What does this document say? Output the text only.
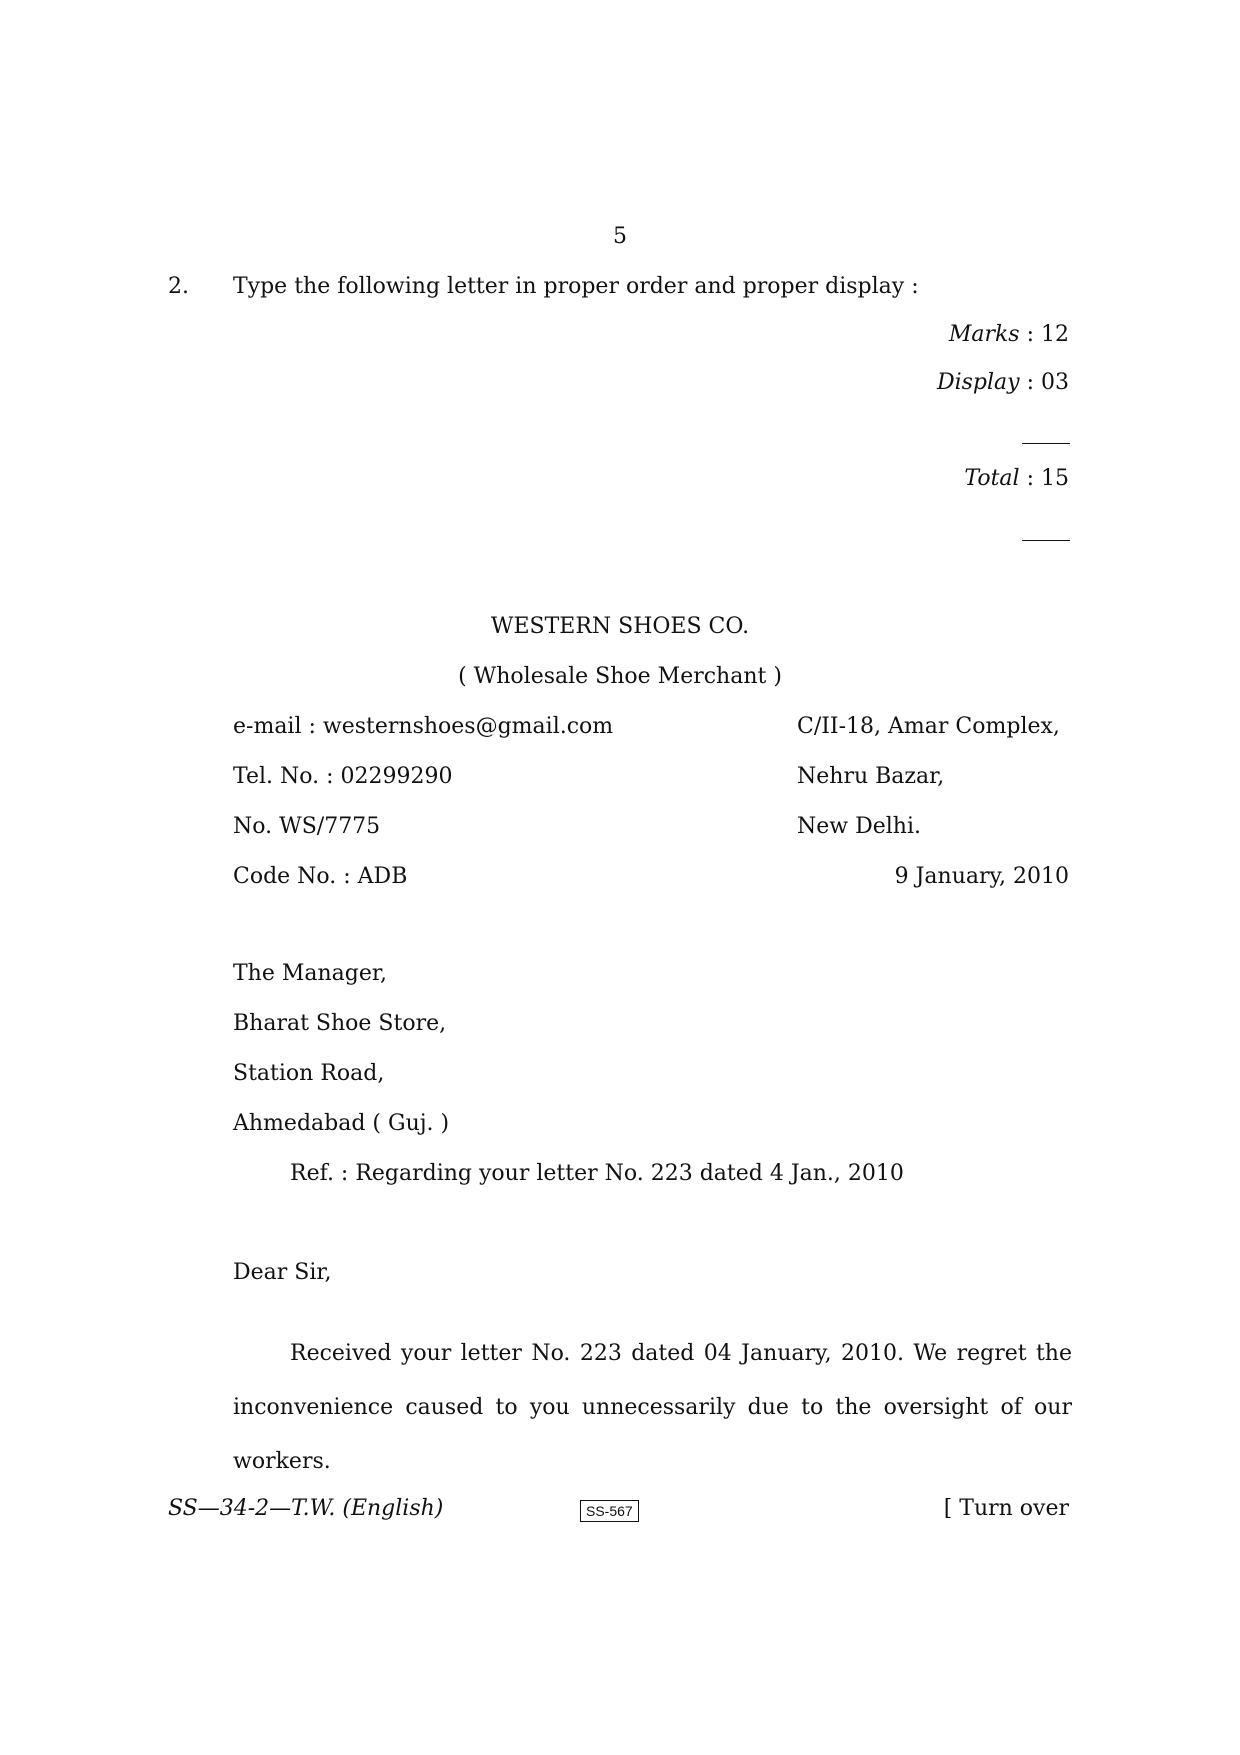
5
2. Type the following letter in proper order and proper display :
Marks : 12
Display : 03
Total : 15
WESTERN SHOES CO.
( Wholesale Shoe Merchant )
e-mail : westernshoes@gmail.com
Tel. No. : 02299290
No. WS/7775
Code No. : ADB
C/II-18, Amar Complex,
Nehru Bazar,
New Delhi.
9 January, 2010
The Manager,
Bharat Shoe Store,
Station Road,
Ahmedabad ( Guj. )
Ref. : Regarding your letter No. 223 dated 4 Jan., 2010
Dear Sir,
Received your letter No. 223 dated 04 January, 2010. We regret the inconvenience caused to you unnecessarily due to the oversight of our workers.
SS—34-2—T.W. (English)	SS-567	[ Turn over
